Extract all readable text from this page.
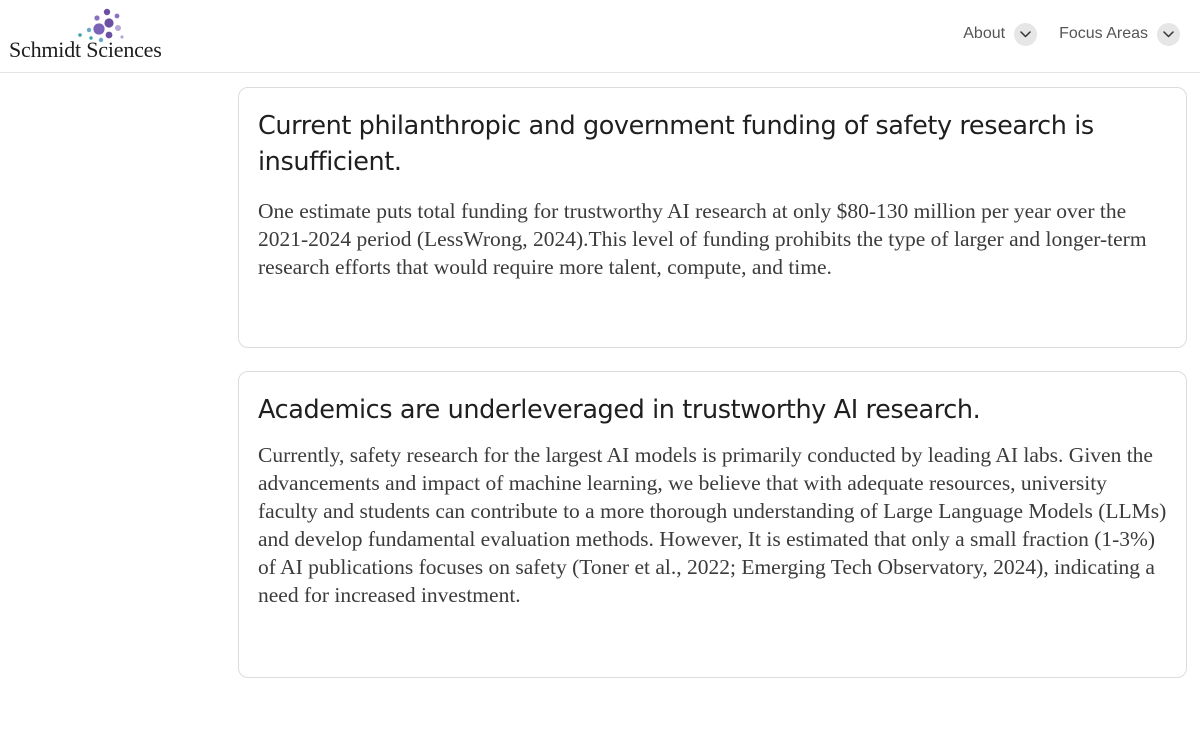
Schmidt Sciences
About	Focus Areas
Current philanthropic and government funding of safety research is insufficient.

One estimate puts total funding for trustworthy AI research at only $80-130 million per year over the 2021-2024 period (LessWrong, 2024).This level of funding prohibits the type of larger and longer-term research efforts that would require more talent, compute, and time.

Academics are underleveraged in trustworthy AI research.

Currently, safety research for the largest AI models is primarily conducted by leading AI labs. Given the advancements and impact of machine learning, we believe that with adequate resources, university faculty and students can contribute to a more thorough understanding of Large Language Models (LLMs) and develop fundamental evaluation methods. However, It is estimated that only a small fraction (1-3%) of AI publications focuses on safety (Toner et al., 2022; Emerging Tech Observatory, 2024), indicating a need for increased investment.
